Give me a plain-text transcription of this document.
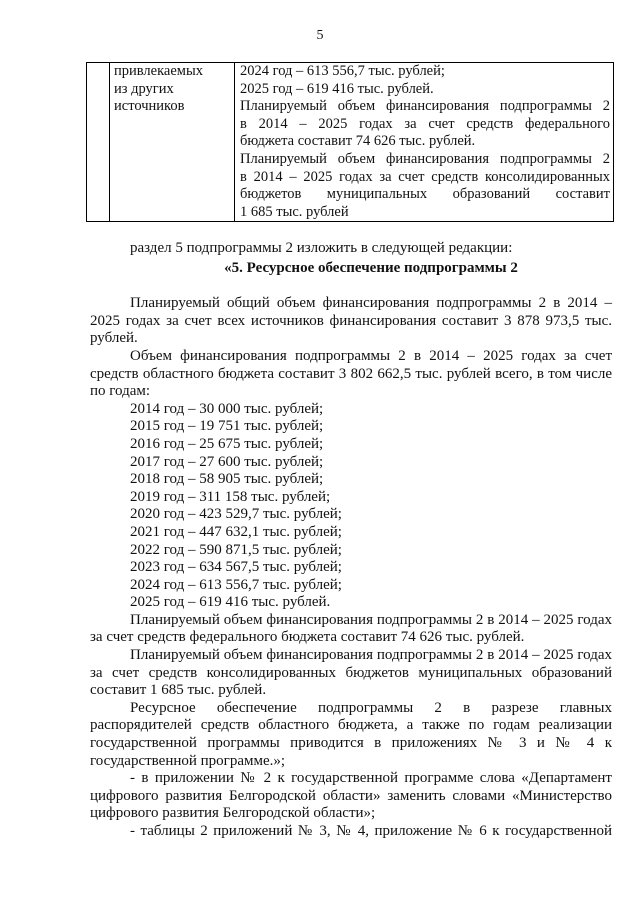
5

привлекаемых
из других
источников

2024 год – 613 556,7 тыс. рублей;
2025 год – 619 416 тыс. рублей.
Планируемый объем финансирования подпрограммы 2
в 2014 – 2025 годах за счет средств федерального
бюджета составит 74 626 тыс. рублей.
Планируемый объем финансирования подпрограммы 2
в 2014 – 2025 годах за счет средств консолидированных
бюджетов муниципальных образований составит
1 685 тыс. рублей

раздел 5 подпрограммы 2 изложить в следующей редакции:

«5. Ресурсное обеспечение подпрограммы 2

Планируемый общий объем финансирования подпрограммы 2 в 2014 – 2025 годах за счет всех источников финансирования составит 3 878 973,5 тыс. рублей.

Объем финансирования подпрограммы 2 в 2014 – 2025 годах за счет средств областного бюджета составит 3 802 662,5 тыс. рублей всего, в том числе по годам:

2014 год – 30 000 тыс. рублей;

2015 год – 19 751 тыс. рублей;

2016 год – 25 675 тыс. рублей;

2017 год – 27 600 тыс. рублей;

2018 год – 58 905 тыс. рублей;

2019 год – 311 158 тыс. рублей;

2020 год – 423 529,7 тыс. рублей;

2021 год – 447 632,1 тыс. рублей;

2022 год – 590 871,5 тыс. рублей;

2023 год – 634 567,5 тыс. рублей;

2024 год – 613 556,7 тыс. рублей;

2025 год – 619 416 тыс. рублей.

Планируемый объем финансирования подпрограммы 2 в 2014 – 2025 годах за счет средств федерального бюджета составит 74 626 тыс. рублей.

Планируемый объем финансирования подпрограммы 2 в 2014 – 2025 годах за счет средств консолидированных бюджетов муниципальных образований составит 1 685 тыс. рублей.

Ресурсное обеспечение подпрограммы 2 в разрезе главных распорядителей средств областного бюджета, а также по годам реализации государственной программы приводится в приложениях № 3 и № 4 к государственной программе.»;

- в приложении № 2 к государственной программе слова «Департамент цифрового развития Белгородской области» заменить словами «Министерство цифрового развития Белгородской области»;

- таблицы 2 приложений № 3, № 4, приложение № 6 к государственной
